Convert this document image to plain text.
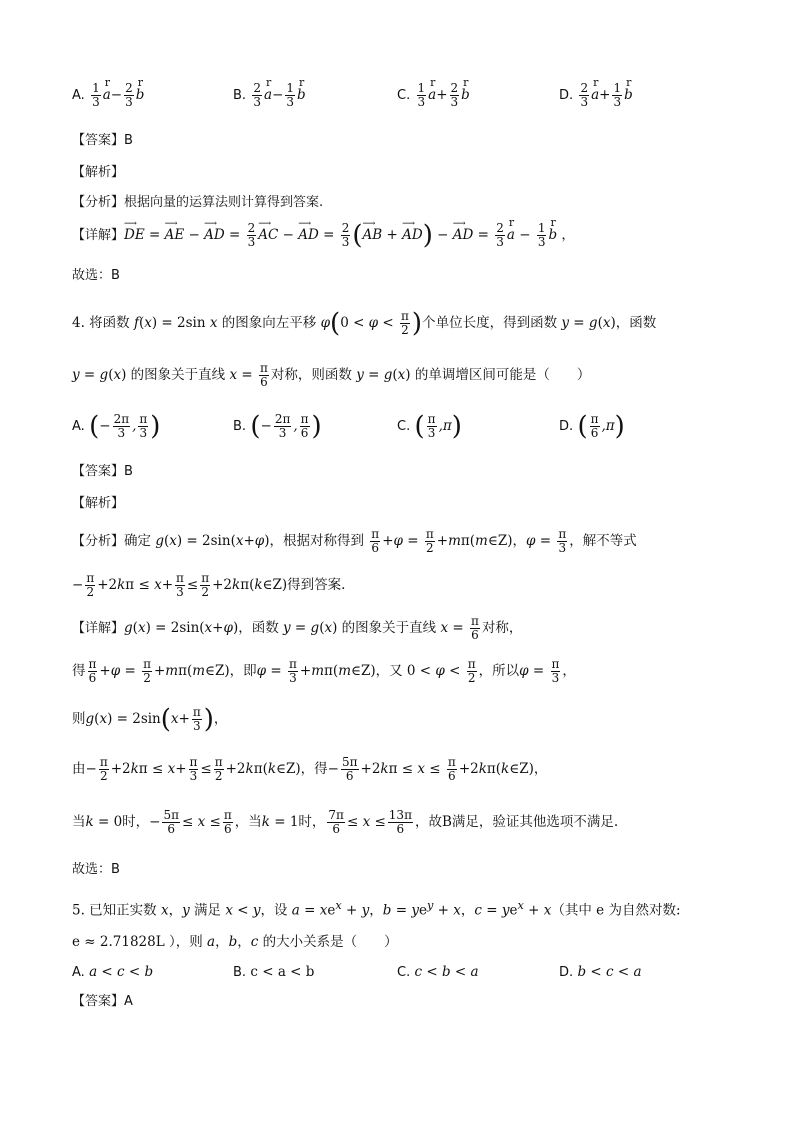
A. $\frac{1}{3}$ r $a- \frac{2}{3}$ r b	B. $\frac{2}{3}$ r $a- \frac{1}{3}$ r b	C. $\frac{1}{3}$ r $a+ \frac{2}{3}$ r b	D. $\frac{2}{3}$ r $a+ \frac{1}{3}$ r b
【答案】B
【解析】
【分析】根据向量的运算法则计算得到答案.
【详解】⟶ DE = ⟶ AE − ⟶ AD = $\frac{2}{3}$ ⟶ AC − ⟶ AD = $\frac{2}{3}$ (⟶ AB + ⟶ AD) − ⟶ AD = $\frac{2}{3}$ r $a - \frac{1}{3}$ r b ，
故选：B
4. 将函数 f(x) = 2sin x 的图象向左平移 $\varphi(0 < \varphi < \frac{\pi}{2}$ )个单位长度，得到函数 y = g(x)，函数
y = g(x) 的图象关于直线 $x = \frac{\pi}{6}$ 对称，则函数 y = g(x) 的单调增区间可能是（　　）
A. (− $\frac{2\pi}{3}$ , $\frac{\pi}{3}$ )	B. (− $\frac{2\pi}{3}$ , $\frac{\pi}{6}$ )	C. ( $\frac{\pi}{3} ,\pi$)	D. ( $\frac{\pi}{6} ,\pi$)
【答案】B
【解析】
【分析】确定 g(x) = 2sin(x+φ)，根据对称得到 $\frac{\pi}{6} +\varphi = \frac{\pi}{2}$ +mπ(m∈Z)，$\varphi = \frac{\pi}{3}$ ，解不等式
− $\frac{\pi}{2} +2k\pi \le x+ \frac{\pi}{3} \le \frac{\pi}{2}$ +2kπ(k∈Z)得到答案.
【详解】g(x) = 2sin(x+φ)，函数 y = g(x) 的图象关于直线 $x = \frac{\pi}{6}$ 对称，
得 $\frac{\pi}{6} +\varphi = \frac{\pi}{2}$ +mπ(m∈Z)，即$\varphi = \frac{\pi}{3}$ +mπ(m∈Z)，又 $0 < \varphi < \frac{\pi}{2}$ ，所以$\varphi = \frac{\pi}{3}$ ，
则$g(x) = 2\sin(x+ \frac{\pi}{3}$ )，
由− $\frac{\pi}{2} +2k\pi \le x+ \frac{\pi}{3} \le \frac{\pi}{2}$ +2kπ(k∈Z)，得− $\frac{5\pi}{6} +2k\pi \le x \le \frac{\pi}{6}$ +2kπ(k∈Z)，
当k = 0时，− $\frac{5\pi}{6} \le x \le \frac{\pi}{6}$ ，当k = 1时， $\frac{7\pi}{6} \le x \le \frac{13\pi}{6}$ ，故B满足，验证其他选项不满足.
故选：B
5. 已知正实数 x，y 满足 x < y，设 $a = xe^x + y$，$b = ye^y + x$，$c = ye^x + x$（其中 e 为自然对数:
e ≈ 2.71828L ），则 a，b，c 的大小关系是（　　）
A. a < c < b	B. c < a < b	C. c < b < a	D. b < c < a
【答案】A
